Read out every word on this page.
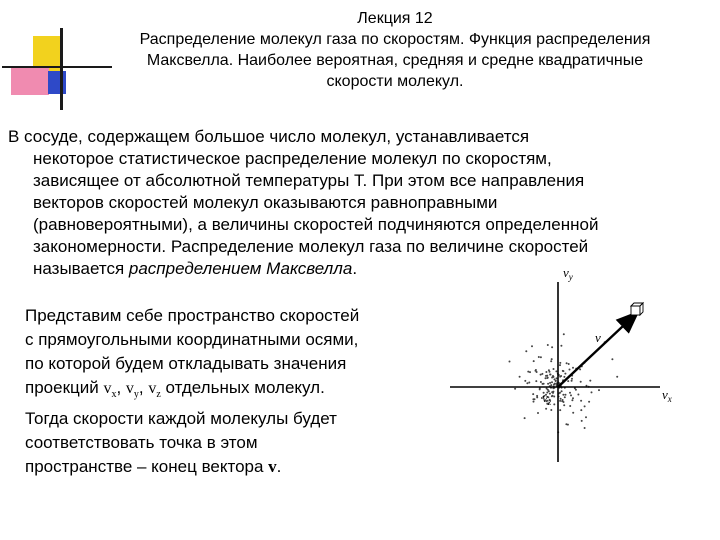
Лекция 12
Распределение молекул газа по скоростям. Функция распределения
Максвелла. Наиболее вероятная, средняя и средне квадратичные
скорости молекул.
В сосуде, содержащем большое число молекул, устанавливается
некоторое статистическое распределение молекул по скоростям,
зависящее от абсолютной температуры Т. При этом все направления
векторов скоростей молекул оказываются равноправными
(равновероятными), а величины скоростей подчиняются определенной
закономерности. Распределение молекул газа по величине скоростей
называется распределением Максвелла.
Представим себе пространство скоростей
с прямоугольными координатными осями,
по которой будем откладывать значения
проекций $v_x$, $v_y$, $v_z$ отдельных молекул.
Тогда скорости каждой молекулы будет
соответствовать точка в этом
пространстве – конец вектора v.
$v_y$
$v_x$
v
$v_z$
